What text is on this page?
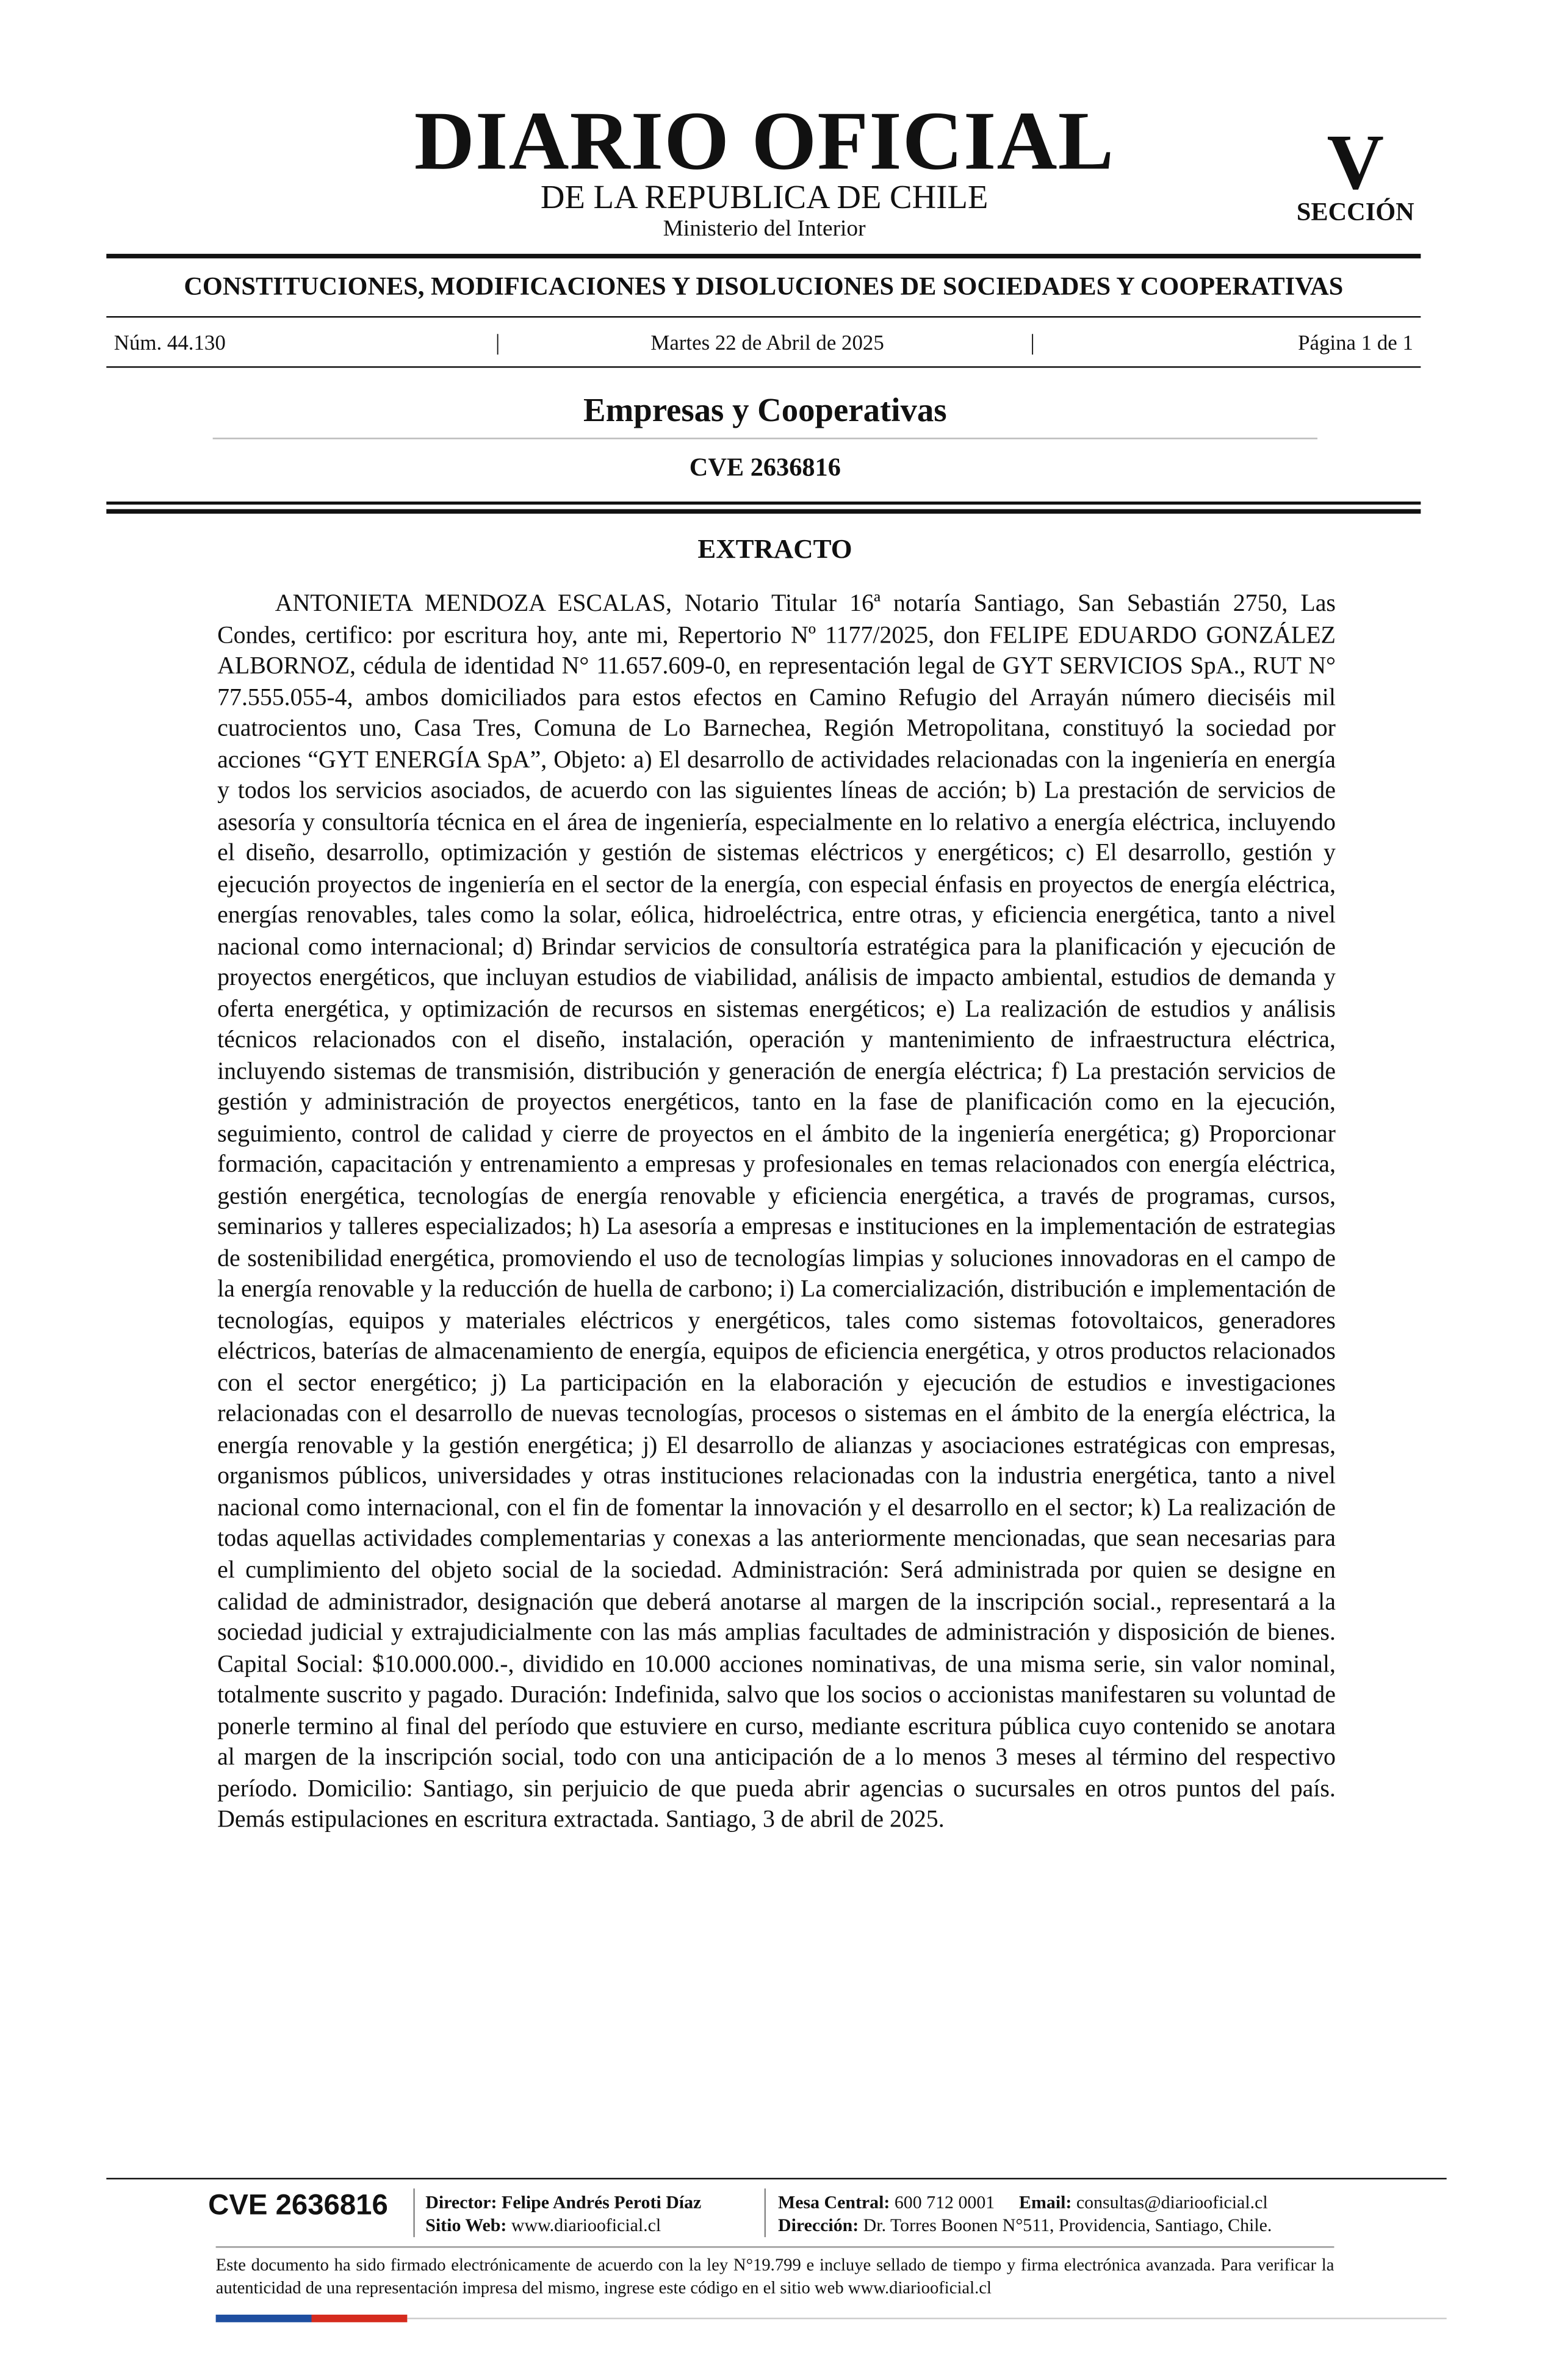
DIARIO OFICIAL
DE LA REPUBLICA DE CHILE
Ministerio del Interior
V
SECCIÓN
CONSTITUCIONES, MODIFICACIONES Y DISOLUCIONES DE SOCIEDADES Y COOPERATIVAS
Núm. 44.130	|	Martes 22 de Abril de 2025	|	Página 1 de 1
Empresas y Cooperativas
CVE 2636816
EXTRACTO

ANTONIETA MENDOZA ESCALAS, Notario Titular 16ª notaría Santiago, San Sebastián 2750, Las Condes, certifico: por escritura hoy, ante mi, Repertorio Nº 1177/2025, don FELIPE EDUARDO GONZÁLEZ ALBORNOZ, cédula de identidad N° 11.657.609-0, en representación legal de GYT SERVICIOS SpA., RUT N° 77.555.055-4, ambos domiciliados para estos efectos en Camino Refugio del Arrayán número dieciséis mil cuatrocientos uno, Casa Tres, Comuna de Lo Barnechea, Región Metropolitana, constituyó la sociedad por acciones “GYT ENERGÍA SpA”, Objeto: a) El desarrollo de actividades relacionadas con la ingeniería en energía y todos los servicios asociados, de acuerdo con las siguientes líneas de acción; b) La prestación de servicios de asesoría y consultoría técnica en el área de ingeniería, especialmente en lo relativo a energía eléctrica, incluyendo el diseño, desarrollo, optimización y gestión de sistemas eléctricos y energéticos; c) El desarrollo, gestión y ejecución proyectos de ingeniería en el sector de la energía, con especial énfasis en proyectos de energía eléctrica, energías renovables, tales como la solar, eólica, hidroeléctrica, entre otras, y eficiencia energética, tanto a nivel nacional como internacional; d) Brindar servicios de consultoría estratégica para la planificación y ejecución de proyectos energéticos, que incluyan estudios de viabilidad, análisis de impacto ambiental, estudios de demanda y oferta energética, y optimización de recursos en sistemas energéticos; e) La realización de estudios y análisis técnicos relacionados con el diseño, instalación, operación y mantenimiento de infraestructura eléctrica, incluyendo sistemas de transmisión, distribución y generación de energía eléctrica; f) La prestación servicios de gestión y administración de proyectos energéticos, tanto en la fase de planificación como en la ejecución, seguimiento, control de calidad y cierre de proyectos en el ámbito de la ingeniería energética; g) Proporcionar formación, capacitación y entrenamiento a empresas y profesionales en temas relacionados con energía eléctrica, gestión energética, tecnologías de energía renovable y eficiencia energética, a través de programas, cursos, seminarios y talleres especializados; h) La asesoría a empresas e instituciones en la implementación de estrategias de sostenibilidad energética, promoviendo el uso de tecnologías limpias y soluciones innovadoras en el campo de la energía renovable y la reducción de huella de carbono; i) La comercialización, distribución e implementación de tecnologías, equipos y materiales eléctricos y energéticos, tales como sistemas fotovoltaicos, generadores eléctricos, baterías de almacenamiento de energía, equipos de eficiencia energética, y otros productos relacionados con el sector energético; j) La participación en la elaboración y ejecución de estudios e investigaciones relacionadas con el desarrollo de nuevas tecnologías, procesos o sistemas en el ámbito de la energía eléctrica, la energía renovable y la gestión energética; j) El desarrollo de alianzas y asociaciones estratégicas con empresas, organismos públicos, universidades y otras instituciones relacionadas con la industria energética, tanto a nivel nacional como internacional, con el fin de fomentar la innovación y el desarrollo en el sector; k) La realización de todas aquellas actividades complementarias y conexas a las anteriormente mencionadas, que sean necesarias para el cumplimiento del objeto social de la sociedad. Administración: Será administrada por quien se designe en calidad de administrador, designación que deberá anotarse al margen de la inscripción social., representará a la sociedad judicial y extrajudicialmente con las más amplias facultades de administración y disposición de bienes. Capital Social: $10.000.000.-, dividido en 10.000 acciones nominativas, de una misma serie, sin valor nominal, totalmente suscrito y pagado. Duración: Indefinida, salvo que los socios o accionistas manifestaren su voluntad de ponerle termino al final del período que estuviere en curso, mediante escritura pública cuyo contenido se anotara al margen de la inscripción social, todo con una anticipación de a lo menos 3 meses al término del respectivo período. Domicilio: Santiago, sin perjuicio de que pueda abrir agencias o sucursales en otros puntos del país. Demás estipulaciones en escritura extractada. Santiago, 3 de abril de 2025.

CVE 2636816	Director: Felipe Andrés Peroti Díaz
Sitio Web: www.diariooficial.cl
Mesa Central: 600 712 0001	Email: consultas@diariooficial.cl
Dirección: Dr. Torres Boonen N°511, Providencia, Santiago, Chile.
Este documento ha sido firmado electrónicamente de acuerdo con la ley N°19.799 e incluye sellado de tiempo y firma electrónica avanzada. Para verificar la autenticidad de una representación impresa del mismo, ingrese este código en el sitio web www.diariooficial.cl
